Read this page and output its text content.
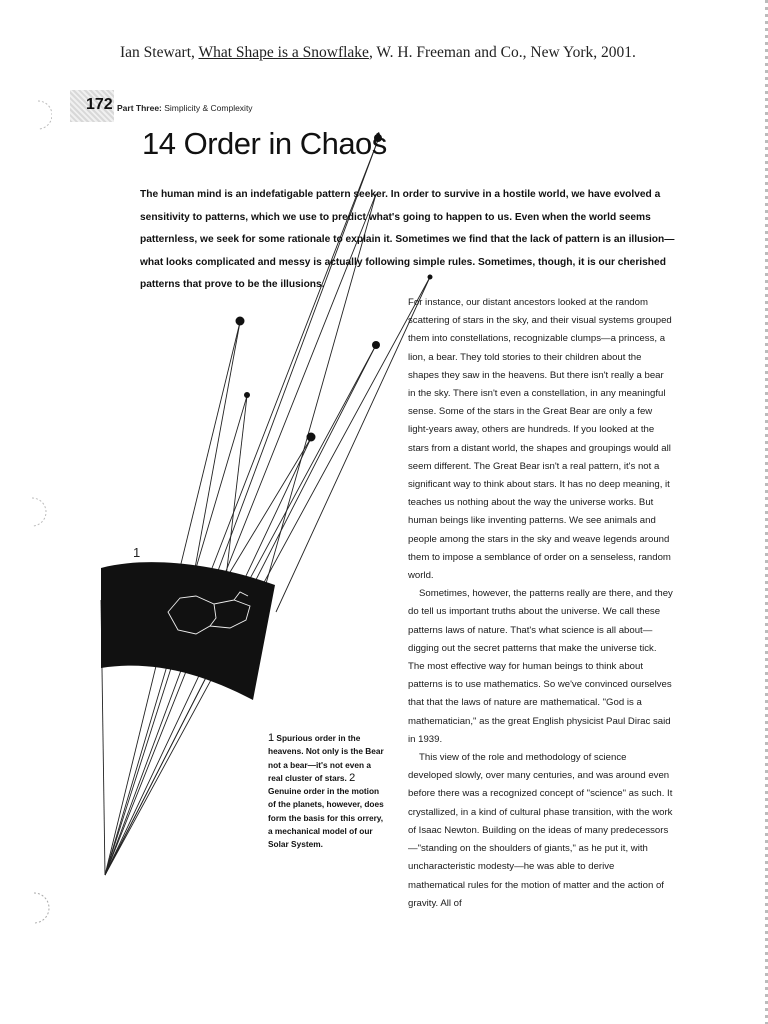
Ian Stewart, What Shape is a Snowflake, W. H. Freeman and Co., New York, 2001.
172 Part Three: Simplicity & Complexity
14 Order in Chaos
The human mind is an indefatigable pattern seeker. In order to survive in a hostile world, we have evolved a sensitivity to patterns, which we use to predict what's going to happen to us. Even when the world seems patternless, we seek for some rationale to explain it. Sometimes we find that the lack of pattern is an illusion—what looks complicated and messy is actually following simple rules. Sometimes, though, it is our cherished patterns that prove to be the illusions.

For instance, our distant ancestors looked at the random scattering of stars in the sky, and their visual systems grouped them into constellations, recognizable clumps—a princess, a lion, a bear. They told stories to their children about the shapes they saw in the heavens. But there isn't really a bear in the sky. There isn't even a constellation, in any meaningful sense. Some of the stars in the Great Bear are only a few light-years away, others are hundreds. If you looked at the stars from a distant world, the shapes and groupings would all seem different. The Great Bear isn't a real pattern, it's not a significant way to think about stars. It has no deep meaning, it teaches us nothing about the way the universe works. But human beings like inventing patterns. We see animals and people among the stars in the sky and weave legends around them to impose a semblance of order on a senseless, random world.

Sometimes, however, the patterns really are there, and they do tell us important truths about the universe. We call these patterns laws of nature. That's what science is all about—digging out the secret patterns that make the universe tick. The most effective way for human beings to think about patterns is to use mathematics. So we've convinced ourselves that that the laws of nature are mathematical. "God is a mathematician," as the great English physicist Paul Dirac said in 1939.

This view of the role and methodology of science developed slowly, over many centuries, and was around even before there was a recognized concept of "science" as such. It crystallized, in a kind of cultural phase transition, with the work of Isaac Newton. Building on the ideas of many predecessors—"standing on the shoulders of giants," as he put it, with uncharacteristic modesty—he was able to derive mathematical rules for the motion of matter and the action of gravity. All of

1
1 Spurious order in the heavens. Not only is the Bear not a bear—it's not even a real cluster of stars. 2 Genuine order in the motion of the planets, however, does form the basis for this orrery, a mechanical model of our Solar System.
